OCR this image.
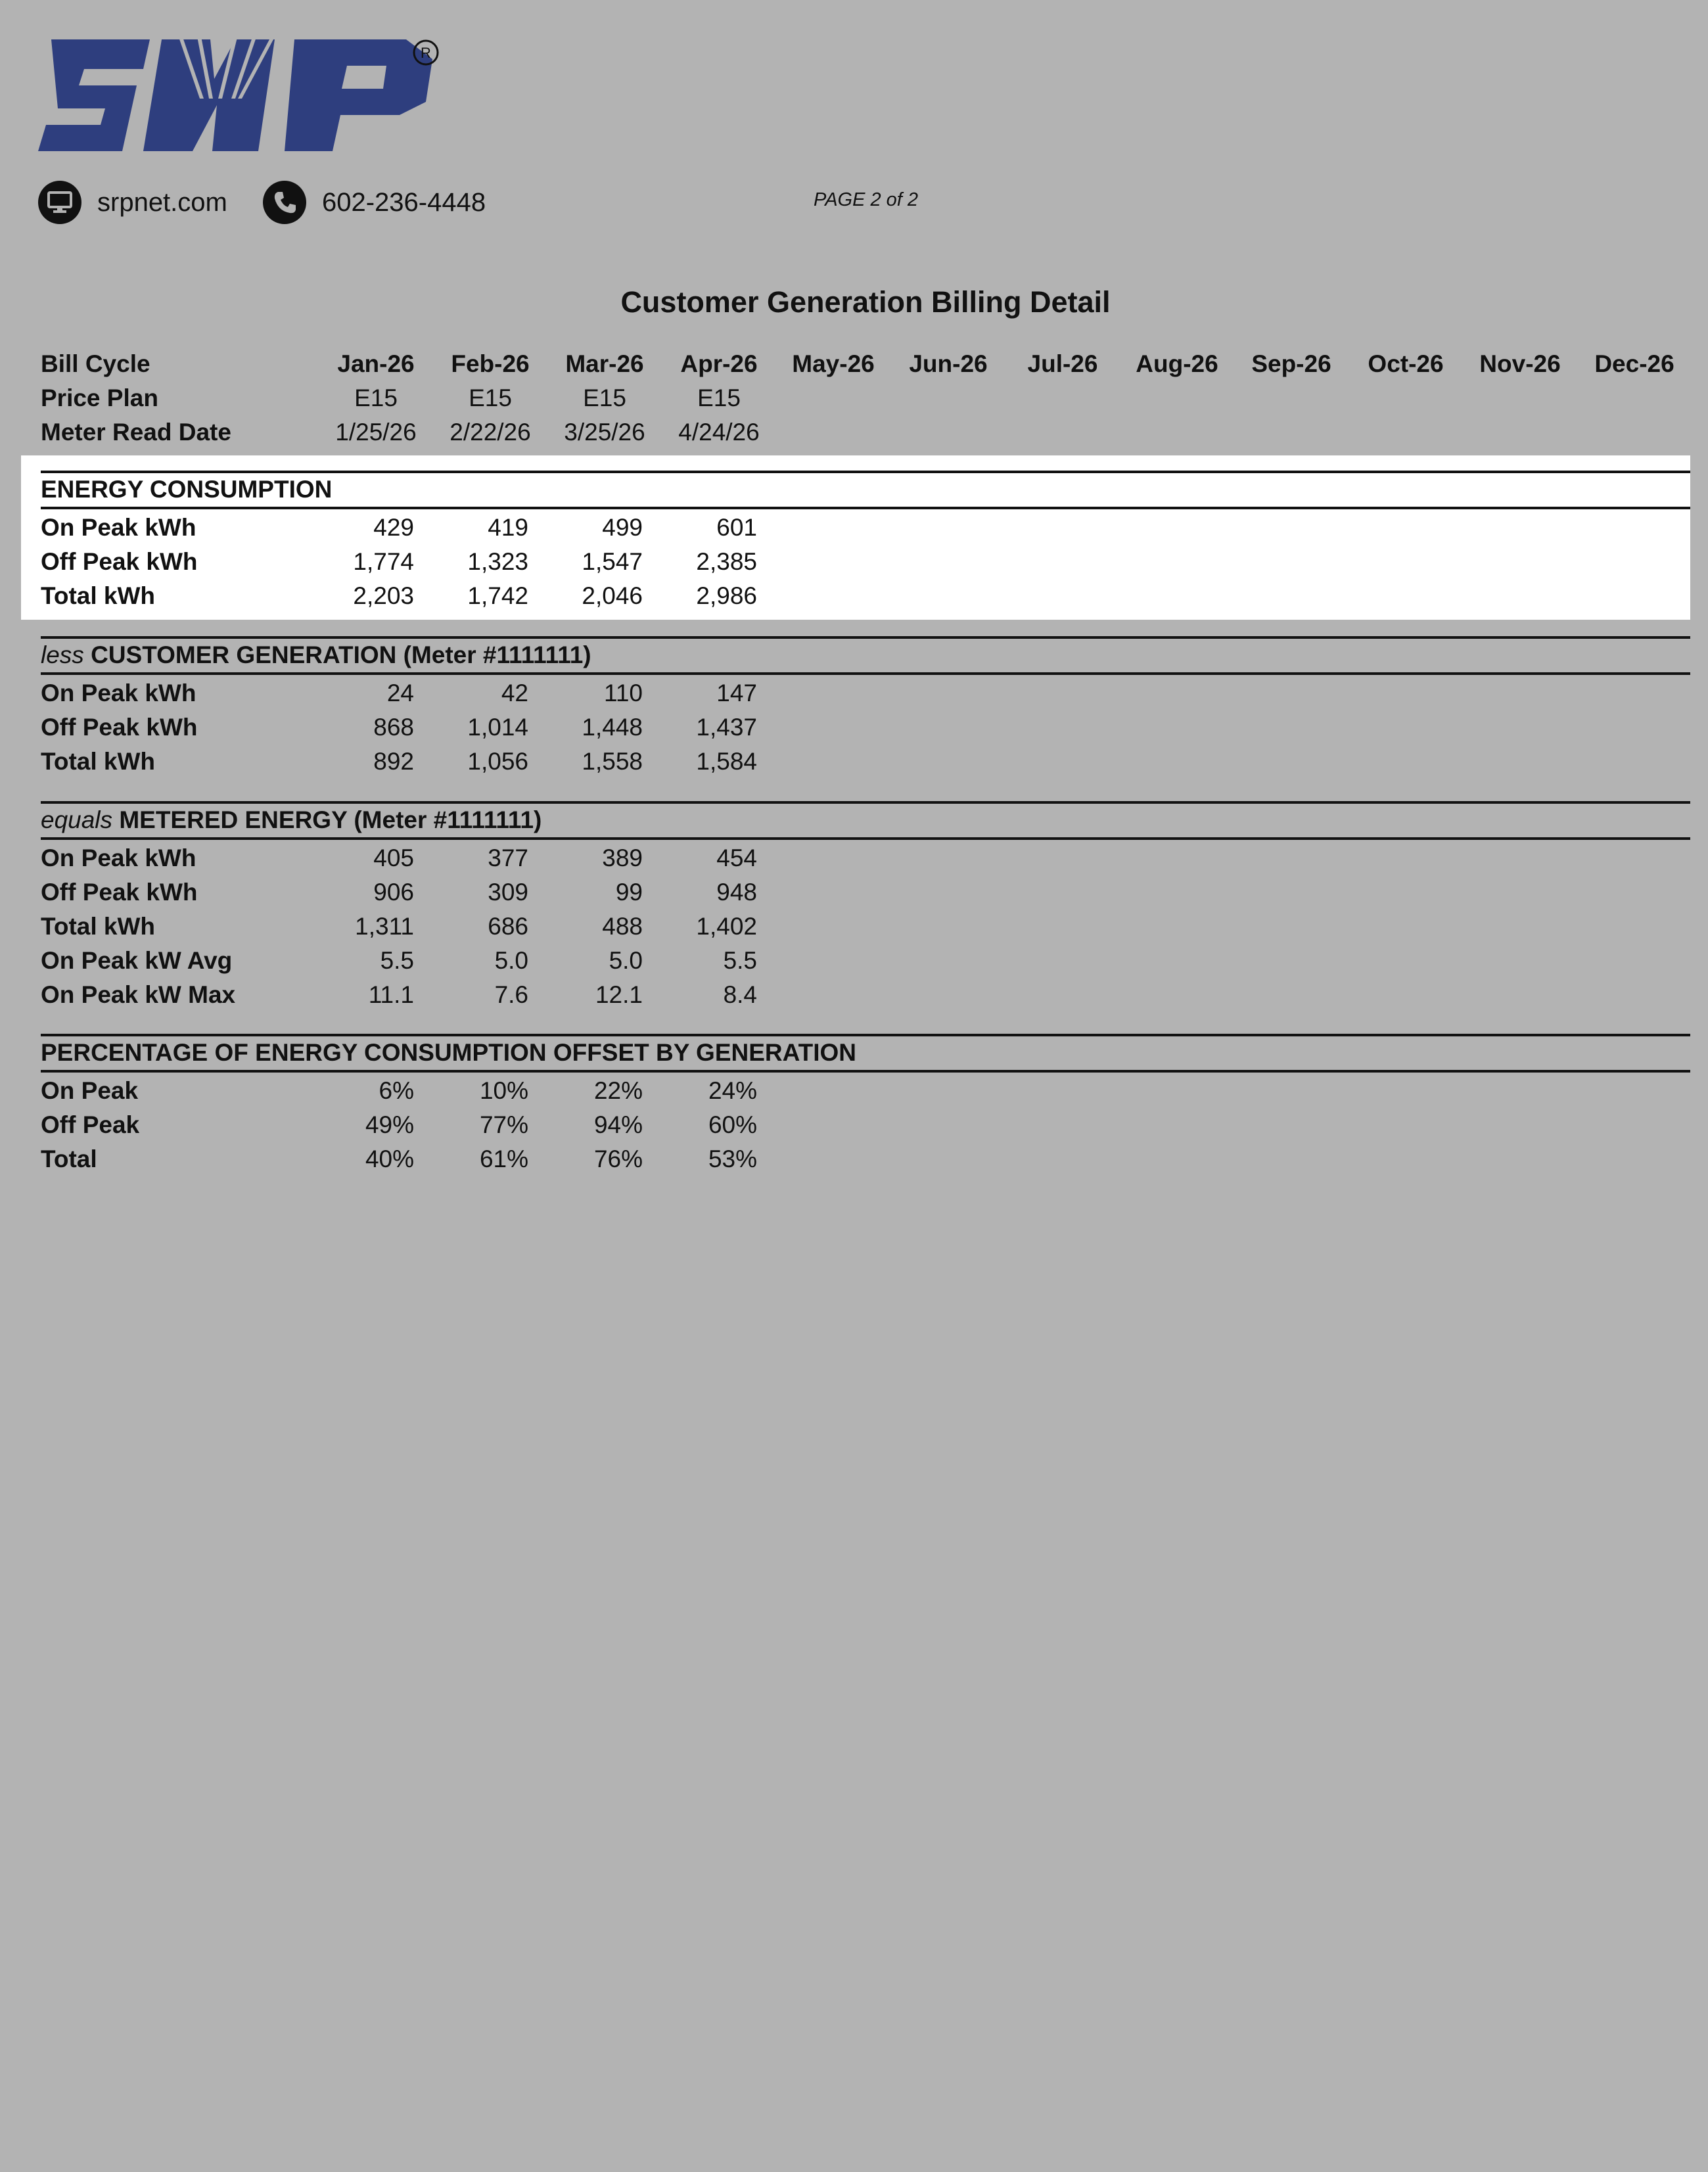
R
srpnet.com	602-236-4448	PAGE 2 of 2
Customer Generation Billing Detail
Bill Cycle	Jan-26	Feb-26	Mar-26	Apr-26	May-26	Jun-26	Jul-26	Aug-26	Sep-26	Oct-26	Nov-26	Dec-26
Price Plan	E15	E15	E15	E15
Meter Read Date	1/25/26	2/22/26	3/25/26	4/24/26
ENERGY CONSUMPTION
On Peak kWh	429	419	499	601
Off Peak kWh	1,774	1,323	1,547	2,385
Total kWh	2,203	1,742	2,046	2,986
less CUSTOMER GENERATION (Meter #1111111)
On Peak kWh	24	42	110	147
Off Peak kWh	868	1,014	1,448	1,437
Total kWh	892	1,056	1,558	1,584
equals METERED ENERGY (Meter #1111111)
On Peak kWh	405	377	389	454
Off Peak kWh	906	309	99	948
Total kWh	1,311	686	488	1,402
On Peak kW Avg	5.5	5.0	5.0	5.5
On Peak kW Max	11.1	7.6	12.1	8.4
PERCENTAGE OF ENERGY CONSUMPTION OFFSET BY GENERATION
On Peak	6%	10%	22%	24%
Off Peak	49%	77%	94%	60%
Total	40%	61%	76%	53%
